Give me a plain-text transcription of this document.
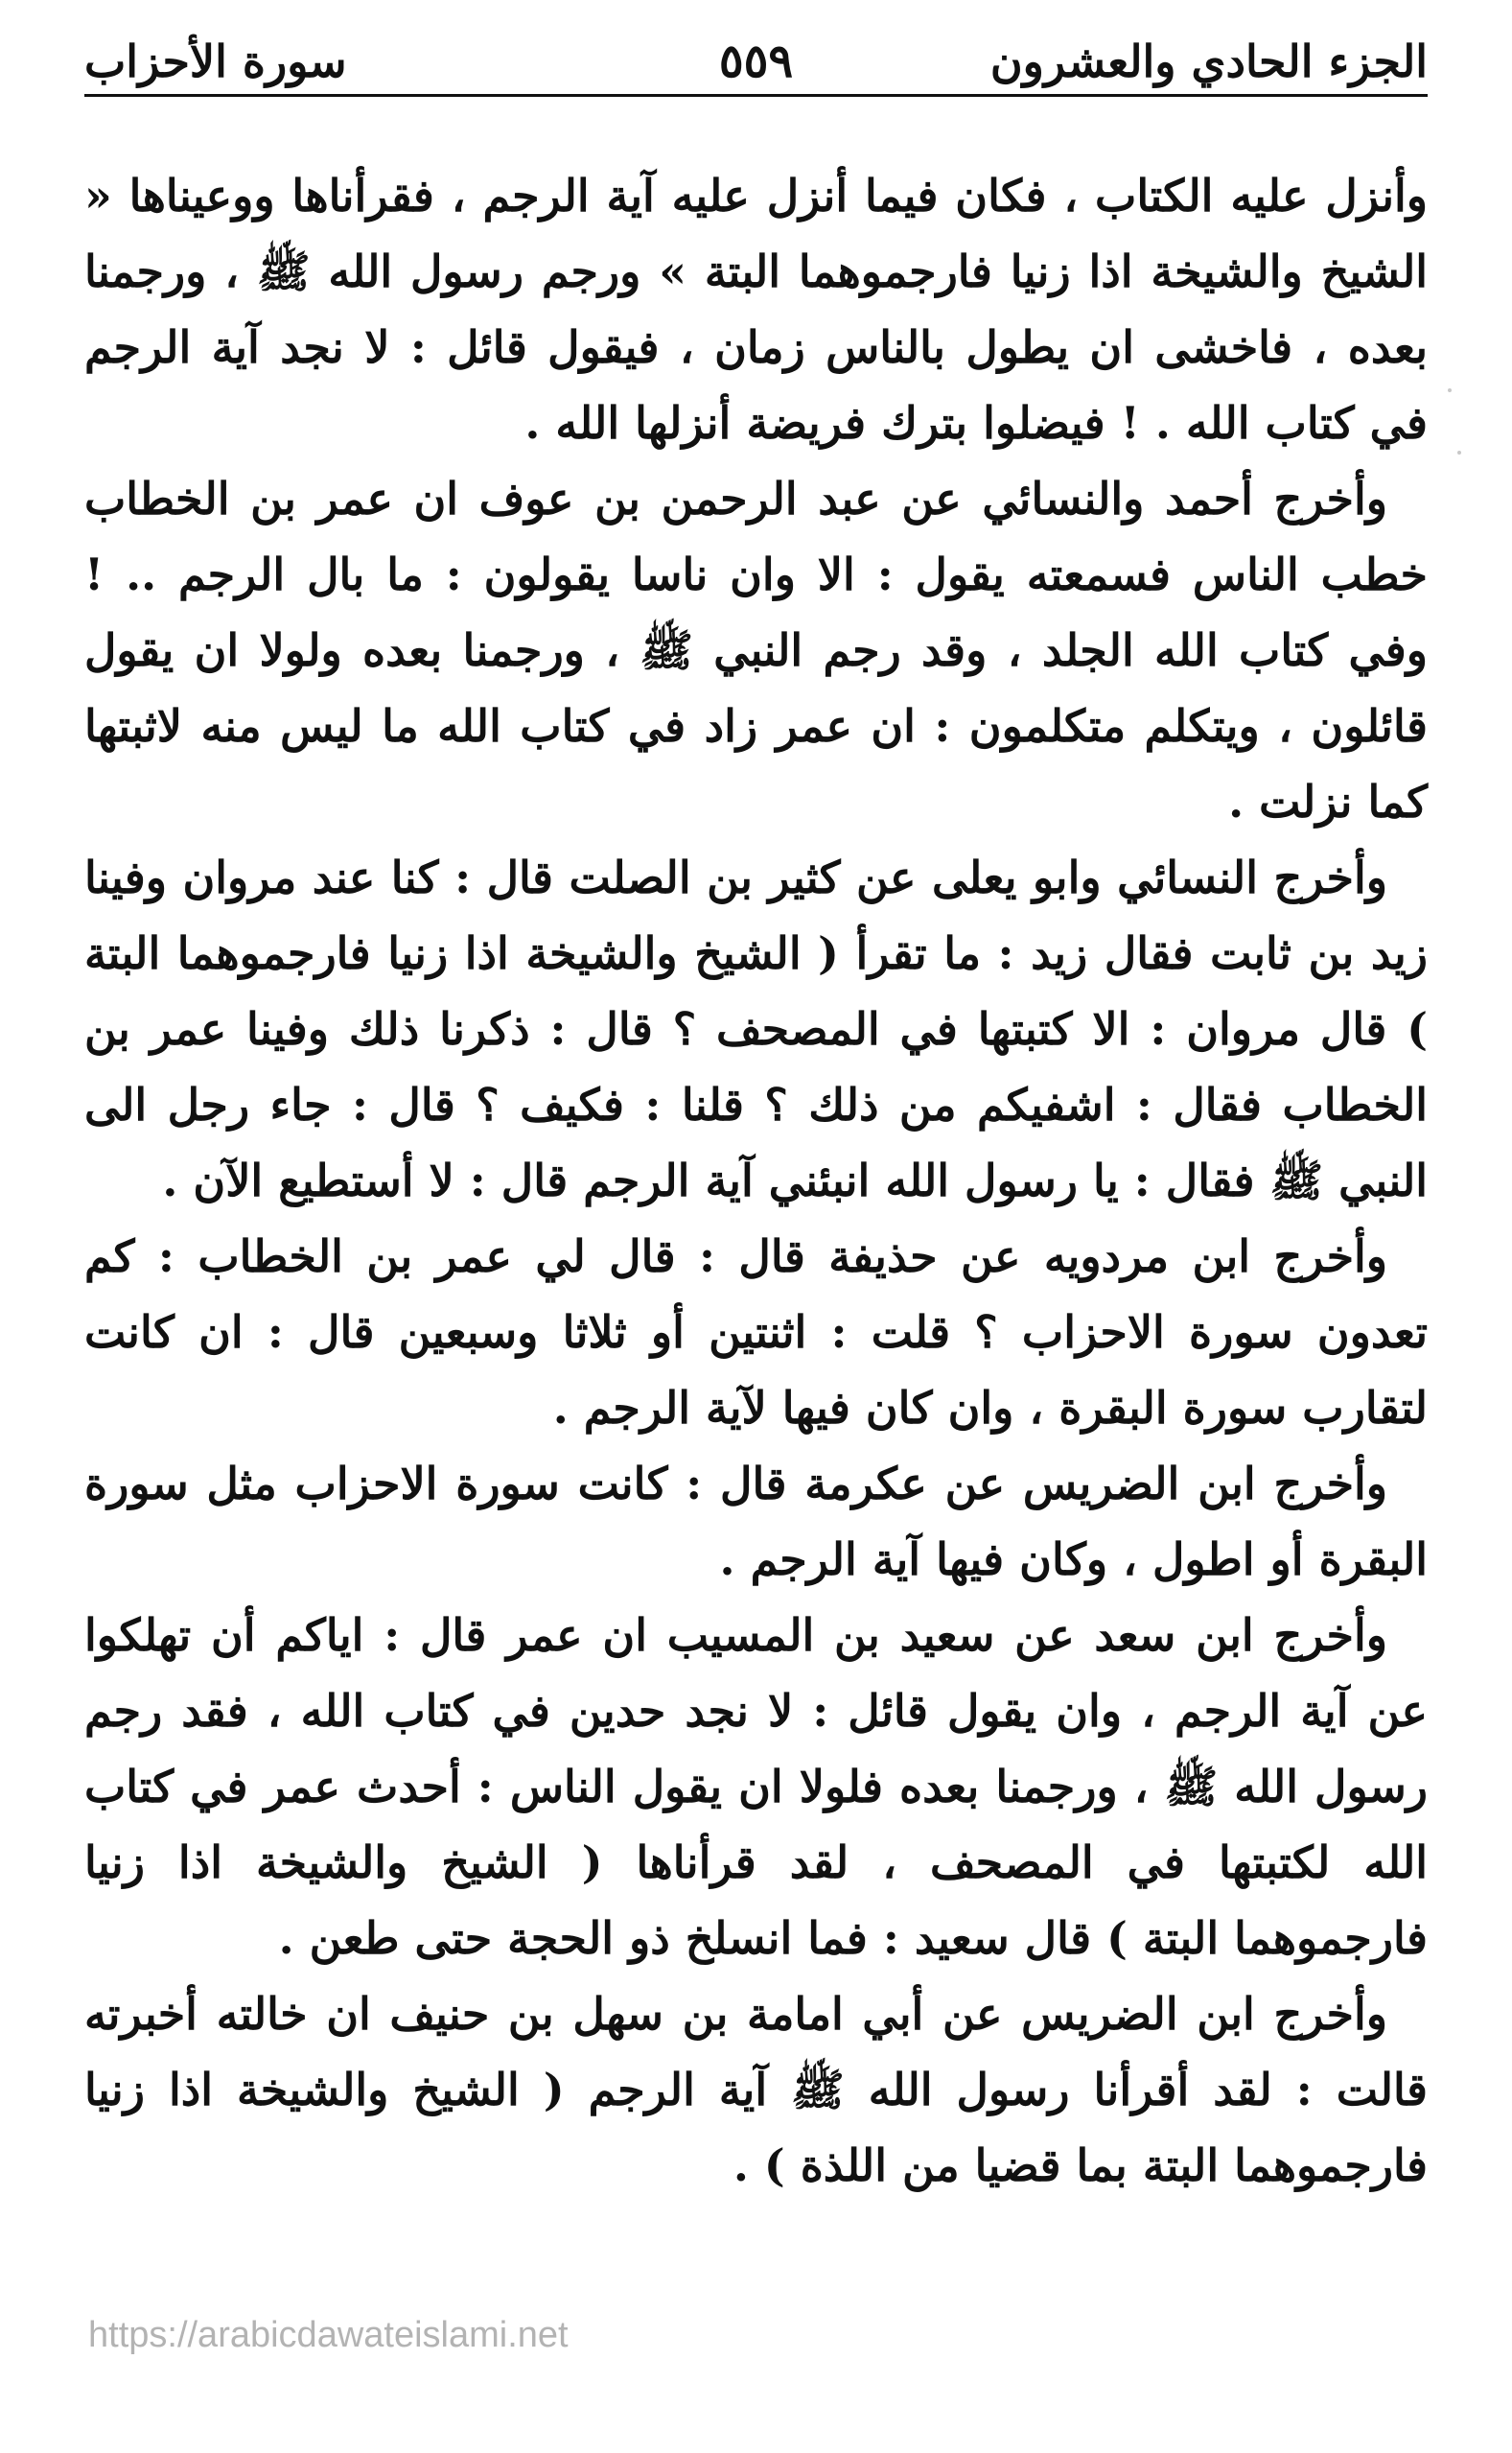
الجزء الحادي والعشرون
٥٥٩
سورة الأحزاب

وأنزل عليه الكتاب ، فكان فيما أنزل عليه آية الرجم ، فقرأناها ووعيناها « الشيخ والشيخة اذا زنيا فارجموهما البتة » ورجم رسول الله ﷺ ، ورجمنا بعده ، فاخشى ان يطول بالناس زمان ، فيقول قائل : لا نجد آية الرجم في كتاب الله . ! فيضلوا بترك فريضة أنزلها الله .

وأخرج أحمد والنسائي عن عبد الرحمن بن عوف ان عمر بن الخطاب خطب الناس فسمعته يقول : الا وان ناسا يقولون : ما بال الرجم .. ! وفي كتاب الله الجلد ، وقد رجم النبي ﷺ ، ورجمنا بعده ولولا ان يقول قائلون ، ويتكلم متكلمون : ان عمر زاد في كتاب الله ما ليس منه لاثبتها كما نزلت .

وأخرج النسائي وابو يعلى عن كثير بن الصلت قال : كنا عند مروان وفينا زيد بن ثابت فقال زيد : ما تقرأ ( الشيخ والشيخة اذا زنيا فارجموهما البتة ) قال مروان : الا كتبتها في المصحف ؟ قال : ذكرنا ذلك وفينا عمر بن الخطاب فقال : اشفيكم من ذلك ؟ قلنا : فكيف ؟ قال : جاء رجل الى النبي ﷺ فقال : يا رسول الله انبئني آية الرجم قال : لا أستطيع الآن .

وأخرج ابن مردويه عن حذيفة قال : قال لي عمر بن الخطاب : كم تعدون سورة الاحزاب ؟ قلت : اثنتين أو ثلاثا وسبعين قال : ان كانت لتقارب سورة البقرة ، وان كان فيها لآية الرجم .

وأخرج ابن الضريس عن عكرمة قال : كانت سورة الاحزاب مثل سورة البقرة أو اطول ، وكان فيها آية الرجم .

وأخرج ابن سعد عن سعيد بن المسيب ان عمر قال : اياكم أن تهلكوا عن آية الرجم ، وان يقول قائل : لا نجد حدين في كتاب الله ، فقد رجم رسول الله ﷺ ، ورجمنا بعده فلولا ان يقول الناس : أحدث عمر في كتاب الله لكتبتها في المصحف ، لقد قرأناها ( الشيخ والشيخة اذا زنيا فارجموهما البتة ) قال سعيد : فما انسلخ ذو الحجة حتى طعن .

وأخرج ابن الضريس عن أبي امامة بن سهل بن حنيف ان خالته أخبرته قالت : لقد أقرأنا رسول الله ﷺ آية الرجم ( الشيخ والشيخة اذا زنيا فارجموهما البتة بما قضيا من اللذة ) .

https://arabicdawateislami.net
